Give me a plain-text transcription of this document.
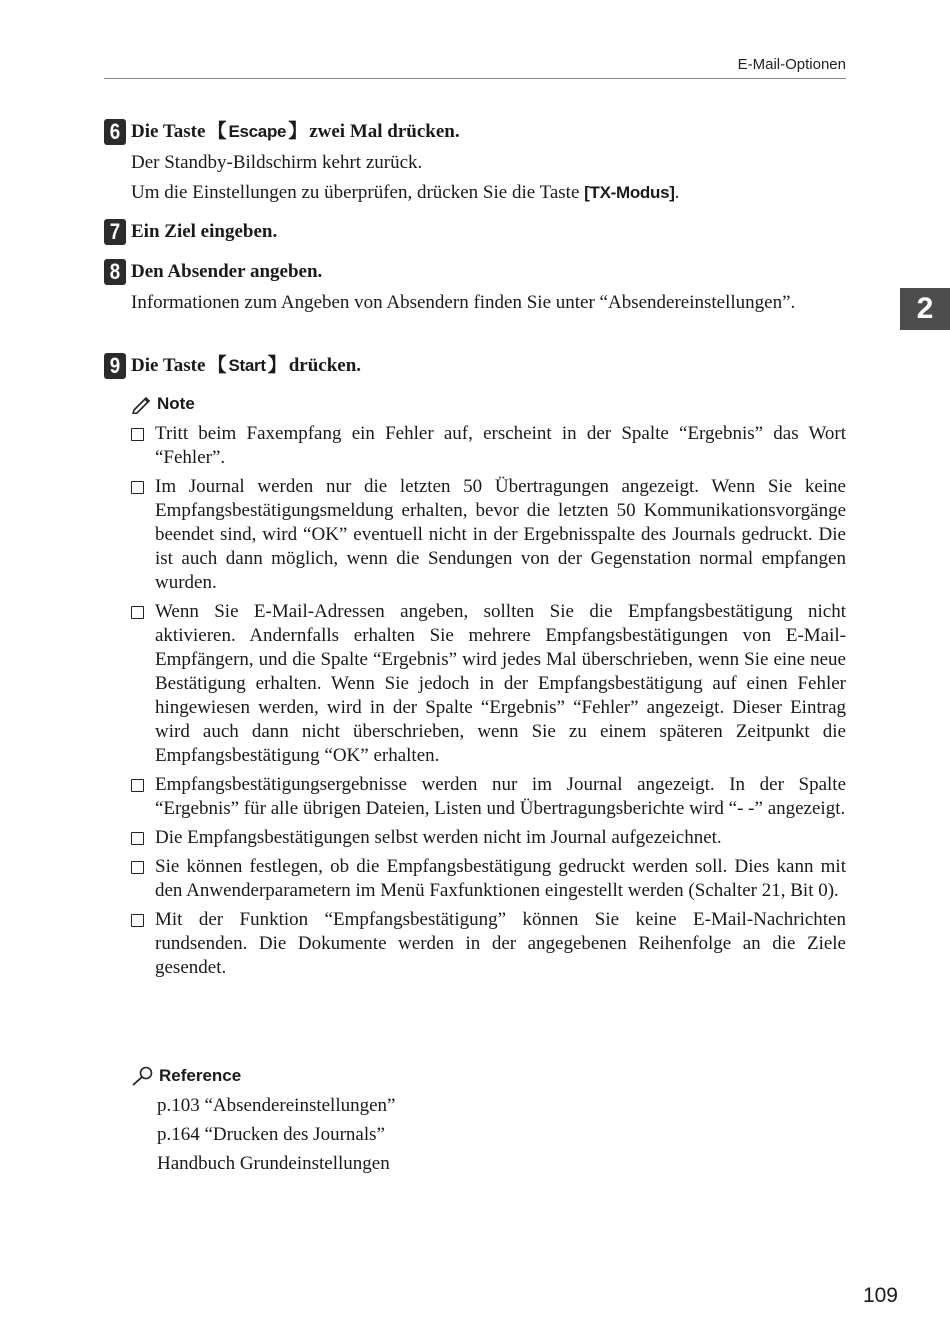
E-Mail-Optionen
2
6 Die Taste 【 Escape 】 zwei Mal drücken.
Der Standby-Bildschirm kehrt zurück.
Um die Einstellungen zu überprüfen, drücken Sie die Taste [TX-Modus].
7 Ein Ziel eingeben.
8 Den Absender angeben.
Informationen zum Angeben von Absendern finden Sie unter “Absendereinstellungen”.
9 Die Taste 【 Start 】 drücken.
Note
Tritt beim Faxempfang ein Fehler auf, erscheint in der Spalte “Ergebnis” das Wort “Fehler”.
Im Journal werden nur die letzten 50 Übertragungen angezeigt. Wenn Sie keine Empfangsbestätigungsmeldung erhalten, bevor die letzten 50 Kommunikationsvorgänge beendet sind, wird “OK” eventuell nicht in der Ergebnisspalte des Journals gedruckt. Die ist auch dann möglich, wenn die Sendungen von der Gegenstation normal empfangen wurden.
Wenn Sie E-Mail-Adressen angeben, sollten Sie die Empfangsbestätigung nicht aktivieren. Andernfalls erhalten Sie mehrere Empfangsbestätigungen von E-Mail-Empfängern, und die Spalte “Ergebnis” wird jedes Mal überschrieben, wenn Sie eine neue Bestätigung erhalten. Wenn Sie jedoch in der Empfangsbestätigung auf einen Fehler hingewiesen werden, wird in der Spalte “Ergebnis” “Fehler” angezeigt. Dieser Eintrag wird auch dann nicht überschrieben, wenn Sie zu einem späteren Zeitpunkt die Empfangsbestätigung “OK” erhalten.
Empfangsbestätigungsergebnisse werden nur im Journal angezeigt. In der Spalte “Ergebnis” für alle übrigen Dateien, Listen und Übertragungsberichte wird “- -” angezeigt.
Die Empfangsbestätigungen selbst werden nicht im Journal aufgezeichnet.
Sie können festlegen, ob die Empfangsbestätigung gedruckt werden soll. Dies kann mit den Anwenderparametern im Menü Faxfunktionen eingestellt werden (Schalter 21, Bit 0).
Mit der Funktion “Empfangsbestätigung” können Sie keine E-Mail-Nachrichten rundsenden. Die Dokumente werden in der angegebenen Reihenfolge an die Ziele gesendet.
Reference
p.103 “Absendereinstellungen”
p.164 “Drucken des Journals”
Handbuch Grundeinstellungen
109
